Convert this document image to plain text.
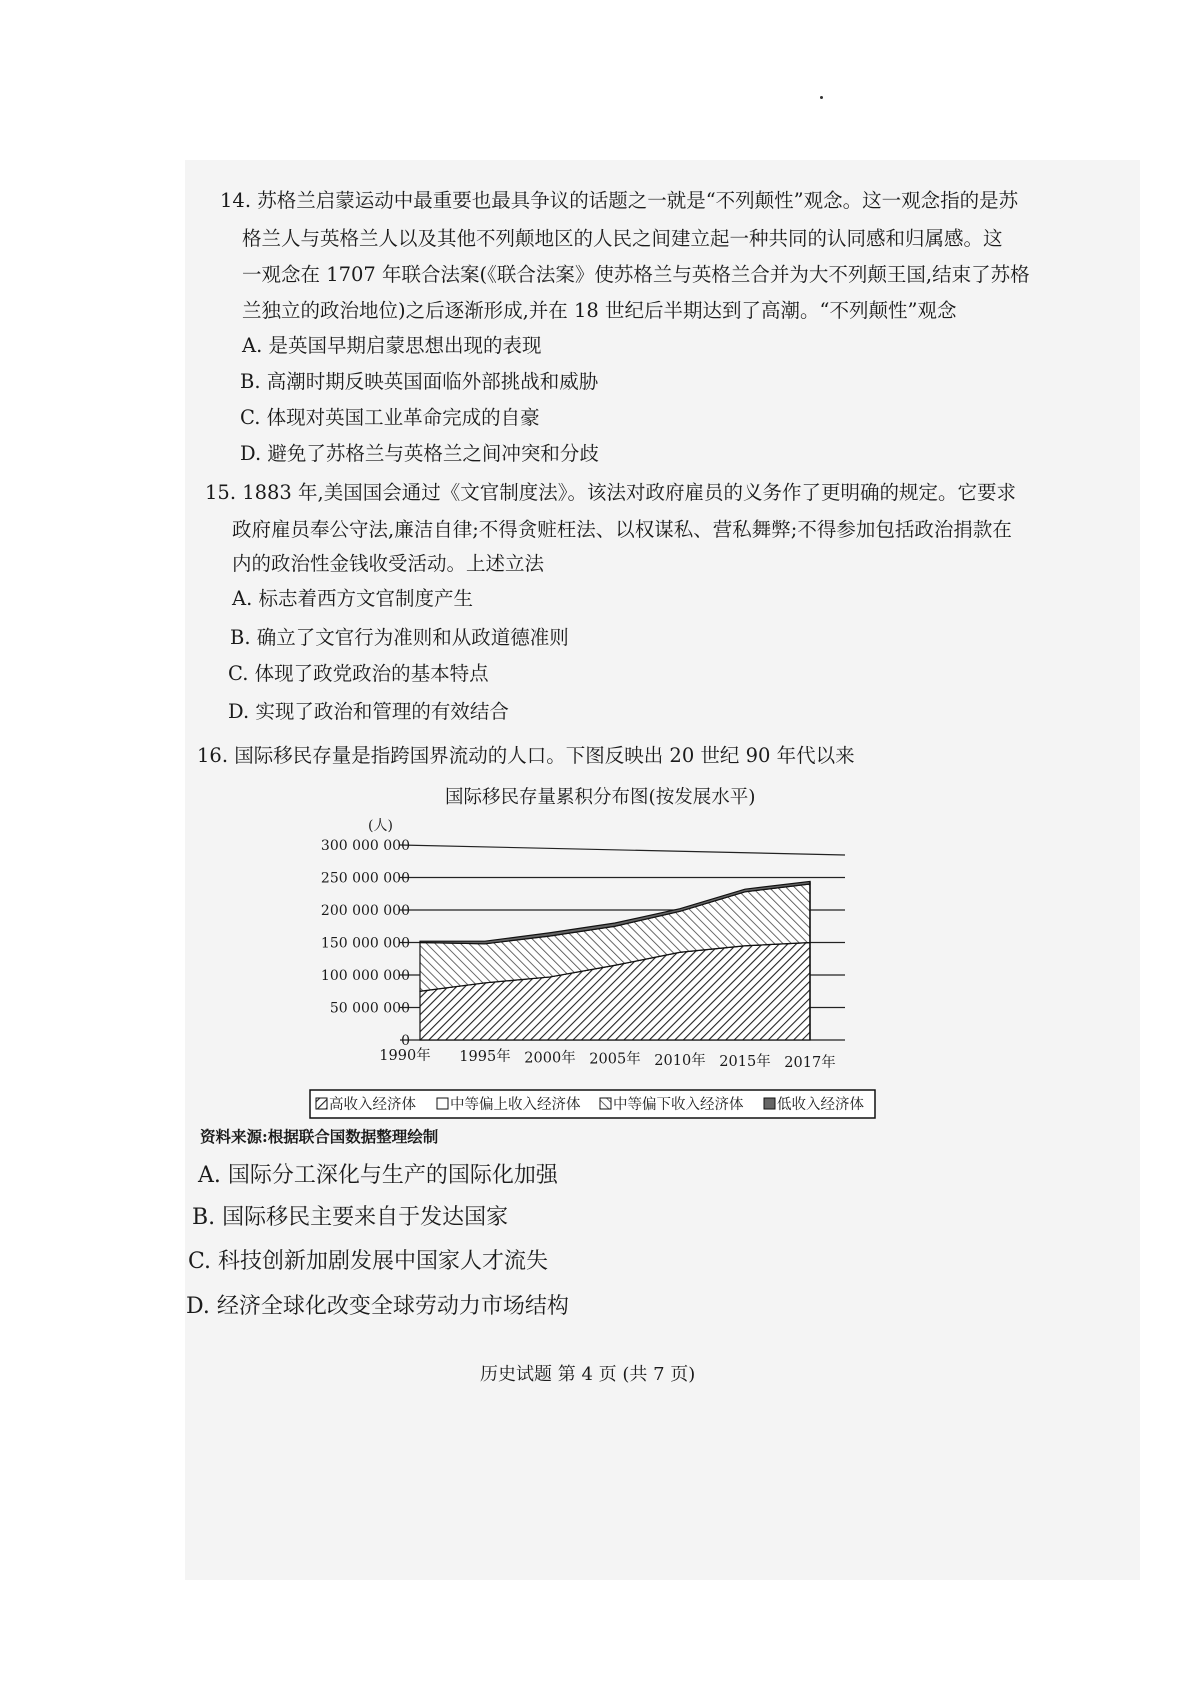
14. 苏格兰启蒙运动中最重要也最具争议的话题之一就是“不列颠性”观念。这一观念指的是苏
格兰人与英格兰人以及其他不列颠地区的人民之间建立起一种共同的认同感和归属感。这
一观念在 1707 年联合法案(《联合法案》使苏格兰与英格兰合并为大不列颠王国,结束了苏格
兰独立的政治地位)之后逐渐形成,并在 18 世纪后半期达到了高潮。“不列颠性”观念
A. 是英国早期启蒙思想出现的表现
B. 高潮时期反映英国面临外部挑战和威胁
C. 体现对英国工业革命完成的自豪
D. 避免了苏格兰与英格兰之间冲突和分歧
15. 1883 年,美国国会通过《文官制度法》。该法对政府雇员的义务作了更明确的规定。它要求
政府雇员奉公守法,廉洁自律;不得贪赃枉法、以权谋私、营私舞弊;不得参加包括政治捐款在
内的政治性金钱收受活动。上述立法
A. 标志着西方文官制度产生
B. 确立了文官行为准则和从政道德准则
C. 体现了政党政治的基本特点
D. 实现了政治和管理的有效结合
16. 国际移民存量是指跨国界流动的人口。下图反映出 20 世纪 90 年代以来
国际移民存量累积分布图(按发展水平)
0
50 000 000
100 000 000
150 000 000
200 000 000
250 000 000
300 000 000
(人)
1990年 1995年 2000年 2005年 2010年 2015年 2017年
高收入经济体 中等偏上收入经济体 中等偏下收入经济体 低收入经济体
资料来源:根据联合国数据整理绘制
A. 国际分工深化与生产的国际化加强
B. 国际移民主要来自于发达国家
C. 科技创新加剧发展中国家人才流失
D. 经济全球化改变全球劳动力市场结构
历史试题 第 4 页 (共 7 页)
